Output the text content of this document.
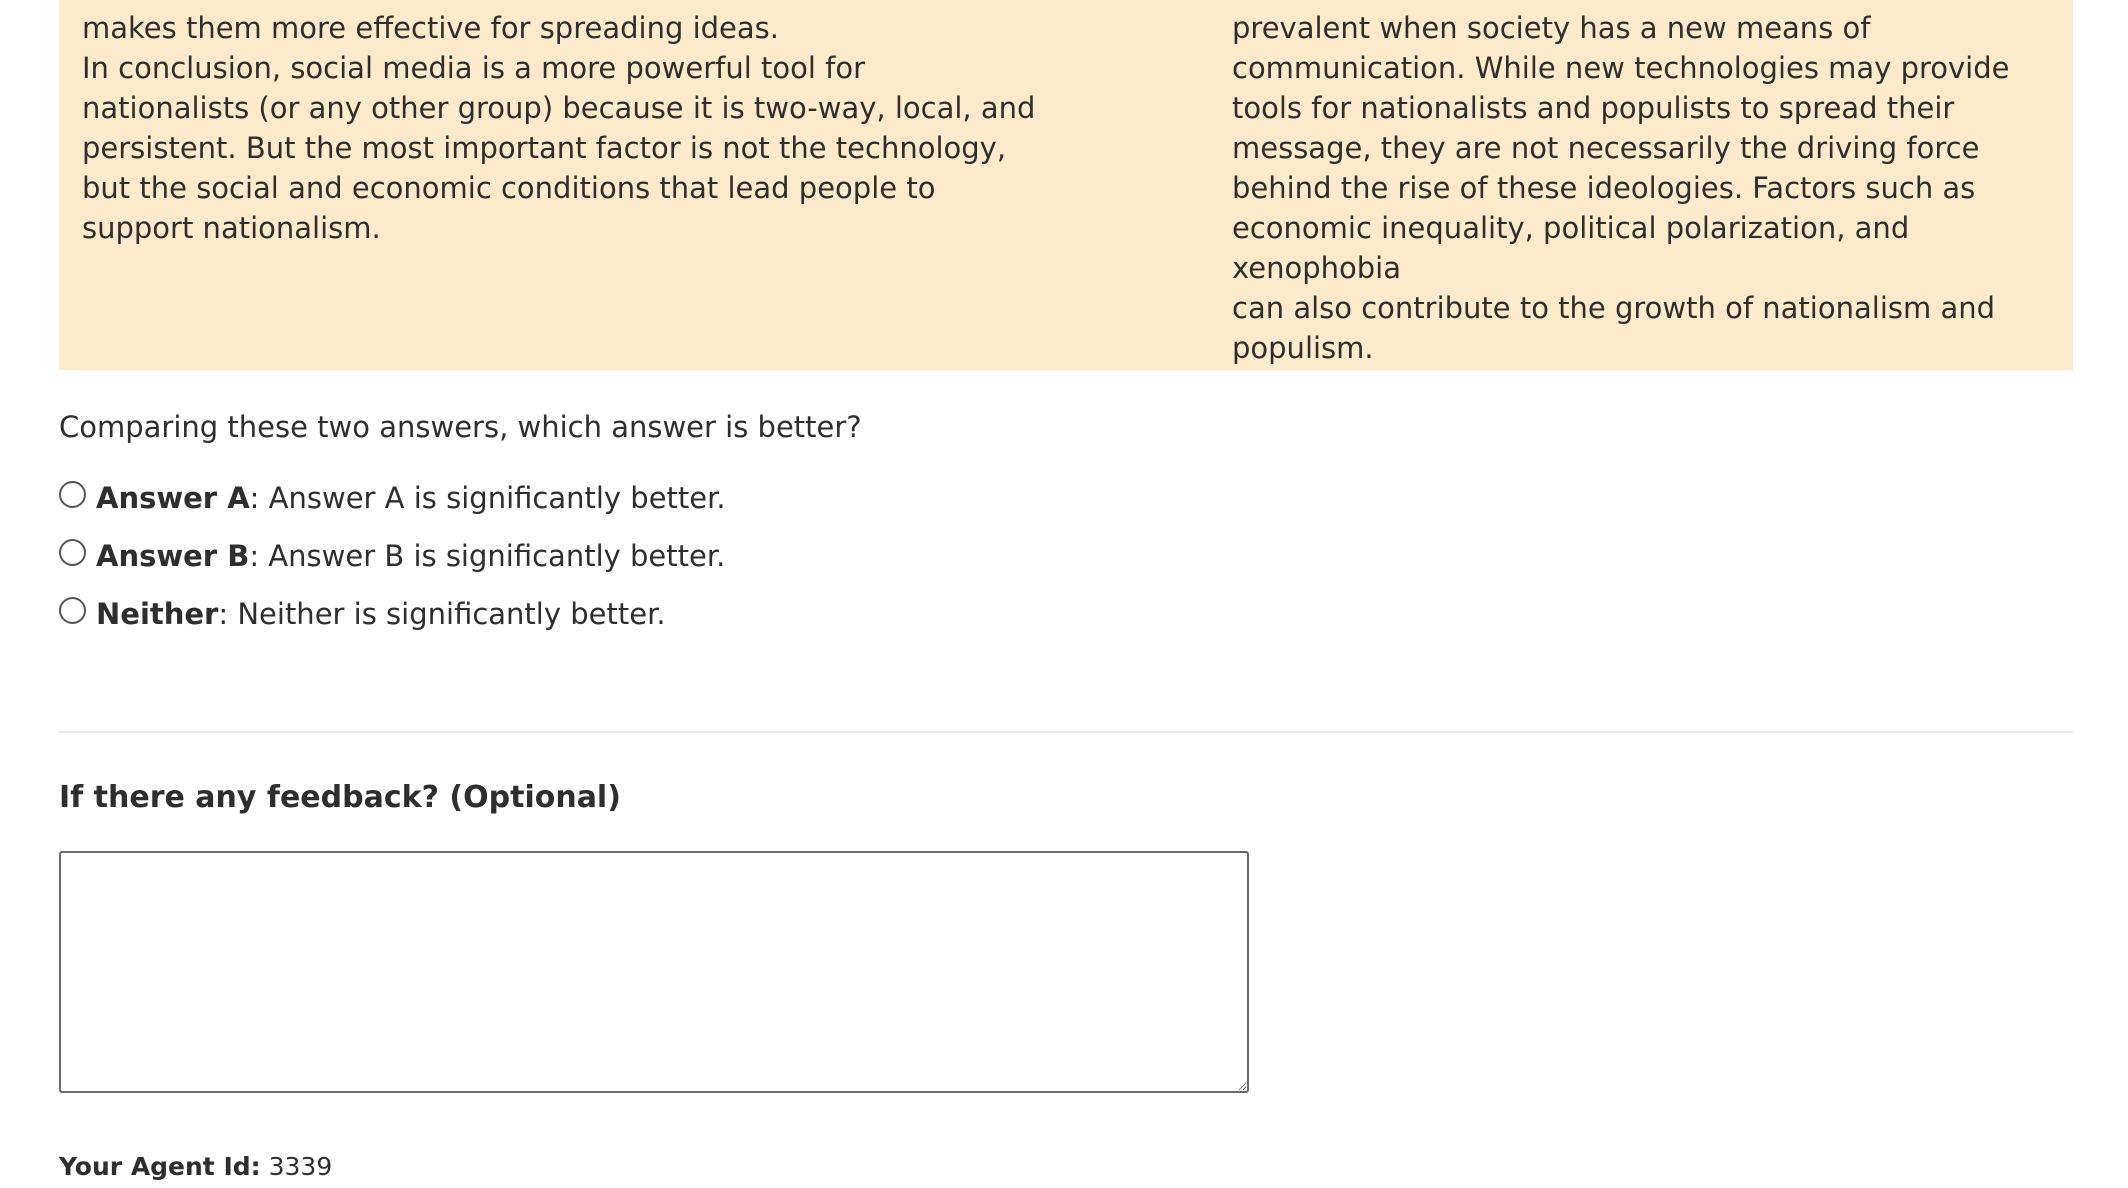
makes them more effective for spreading ideas.
In conclusion, social media is a more powerful tool for
nationalists (or any other group) because it is two-way, local, and
persistent. But the most important factor is not the technology,
but the social and economic conditions that lead people to
support nationalism.
prevalent when society has a new means of
communication. While new technologies may provide
tools for nationalists and populists to spread their
message, they are not necessarily the driving force
behind the rise of these ideologies. Factors such as
economic inequality, political polarization, and xenophobia
can also contribute to the growth of nationalism and
populism.
Comparing these two answers, which answer is better?
Answer A : Answer A is significantly better.
Answer B : Answer B is significantly better.
Neither : Neither is significantly better.
If there any feedback? (Optional)
Your Agent Id: 3339
